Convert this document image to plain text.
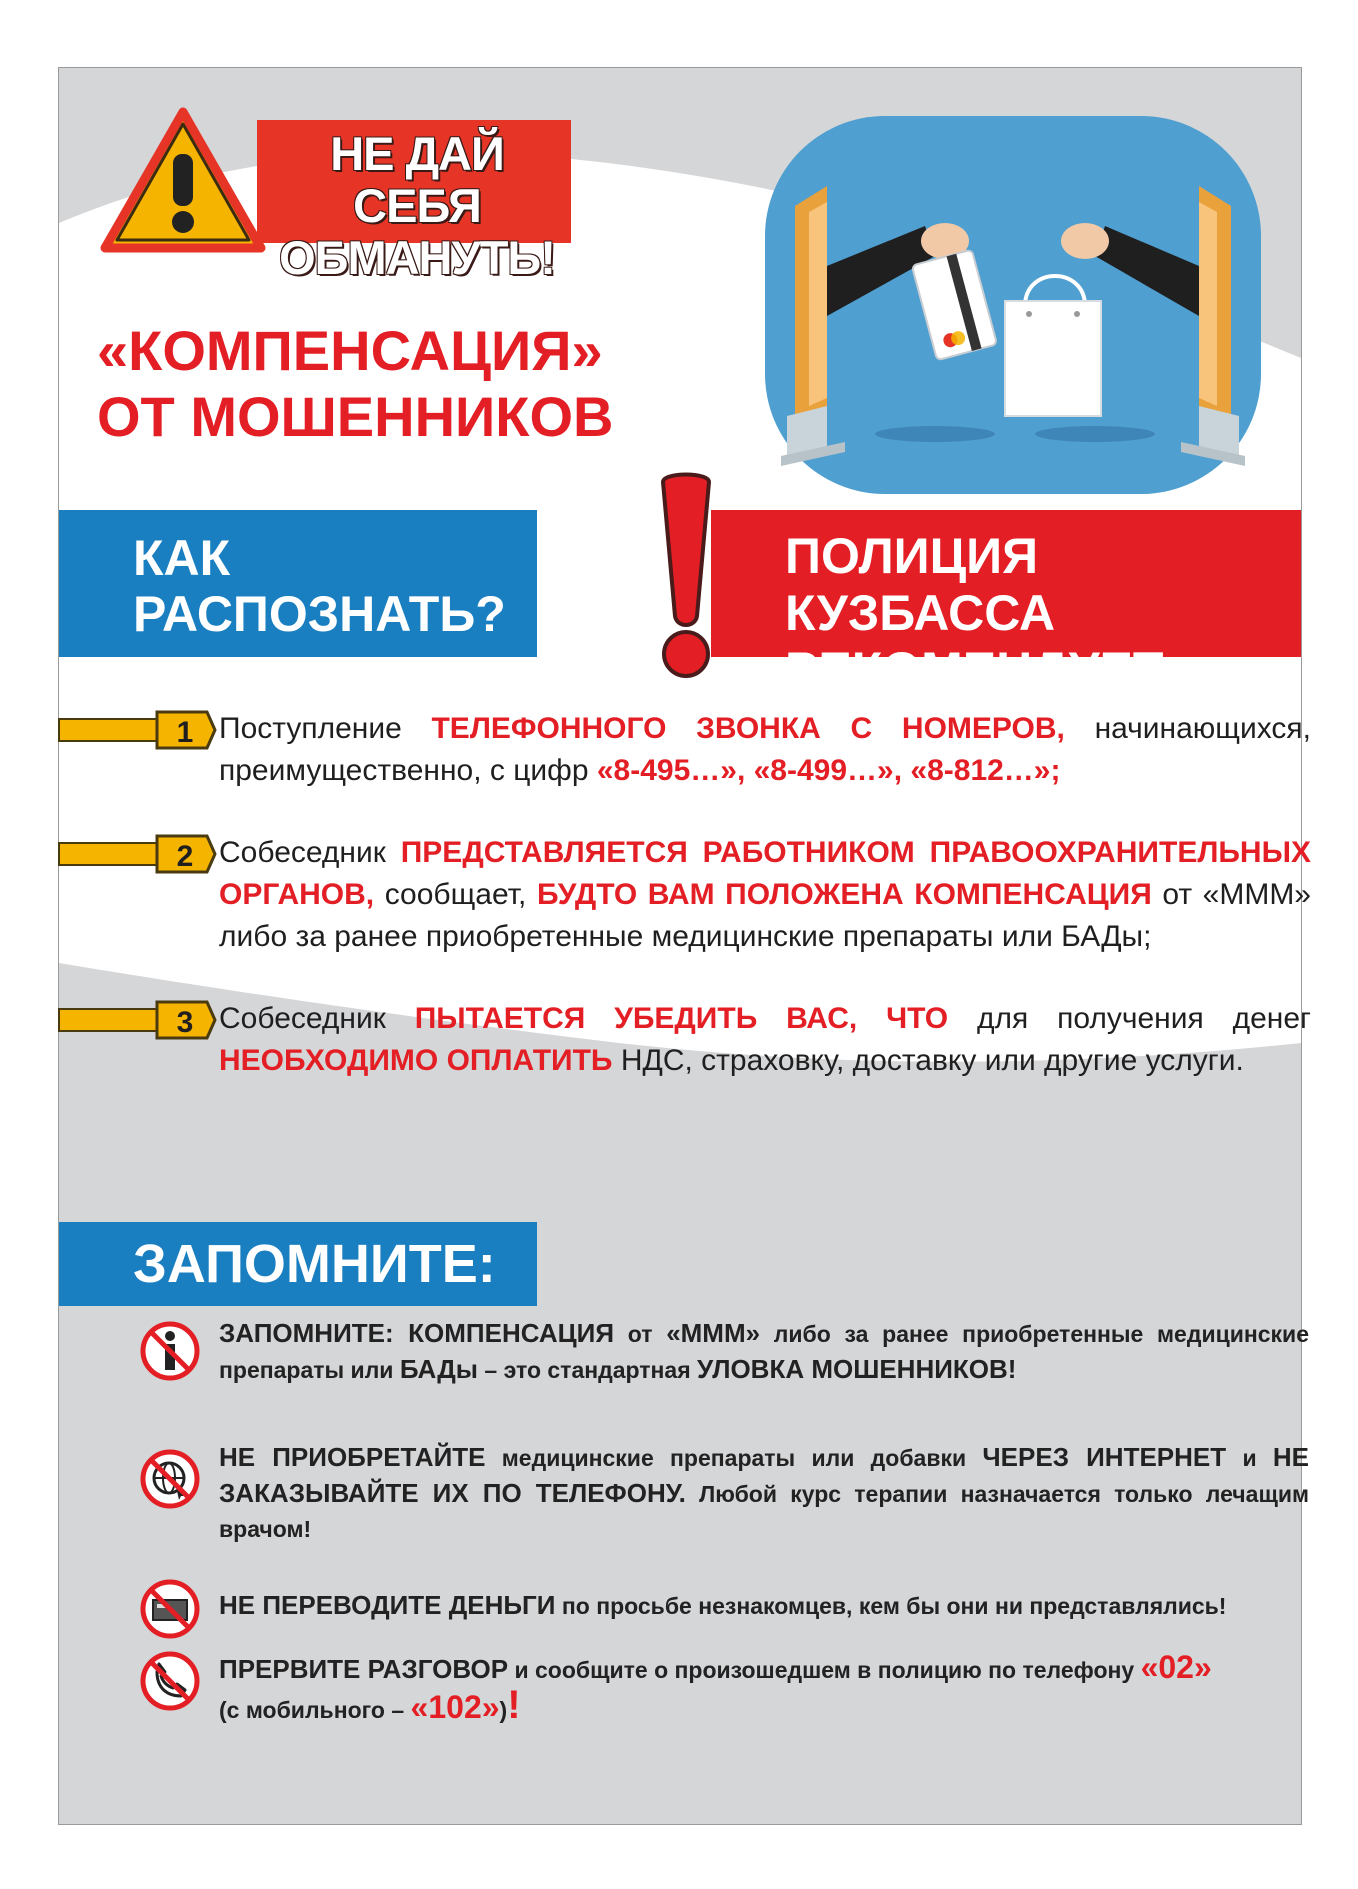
НЕ ДАЙ СЕБЯ
ОБМАНУТЬ!
«КОМПЕНСАЦИЯ»
ОТ МОШЕННИКОВ
КАК
РАСПОЗНАТЬ?
ПОЛИЦИЯ КУЗБАССА
РЕКОМЕНДУЕТ
1 Поступление ТЕЛЕФОННОГО ЗВОНКА С НОМЕРОВ, начинающихся, преимущественно, с цифр «8-495…», «8-499…», «8-812…»;
2 Собеседник ПРЕДСТАВЛЯЕТСЯ РАБОТНИКОМ ПРАВООХРАНИТЕЛЬНЫХ ОРГАНОВ, сообщает, БУДТО ВАМ ПОЛОЖЕНА КОМПЕНСАЦИЯ от «МММ» либо за ранее приобретенные медицинские препараты или БАДы;
3 Собеседник ПЫТАЕТСЯ УБЕДИТЬ ВАС, ЧТО для получения денег НЕОБХОДИМО ОПЛАТИТЬ НДС, страховку, доставку или другие услуги.
ЗАПОМНИТЕ:
ЗАПОМНИТЕ: КОМПЕНСАЦИЯ от «МММ» либо за ранее приобретенные медицинские препараты или БАДы – это стандартная УЛОВКА МОШЕННИКОВ!
НЕ ПРИОБРЕТАЙТЕ медицинские препараты или добавки ЧЕРЕЗ ИНТЕРНЕТ и НЕ ЗАКАЗЫВАЙТЕ ИХ ПО ТЕЛЕФОНУ. Любой курс терапии назначается только лечащим врачом!
НЕ ПЕРЕВОДИТЕ ДЕНЬГИ по просьбе незнакомцев, кем бы они ни представлялись!
ПРЕРВИТЕ РАЗГОВОР и сообщите о произошедшем в полицию по телефону «02»
(с мобильного – «102»)!
